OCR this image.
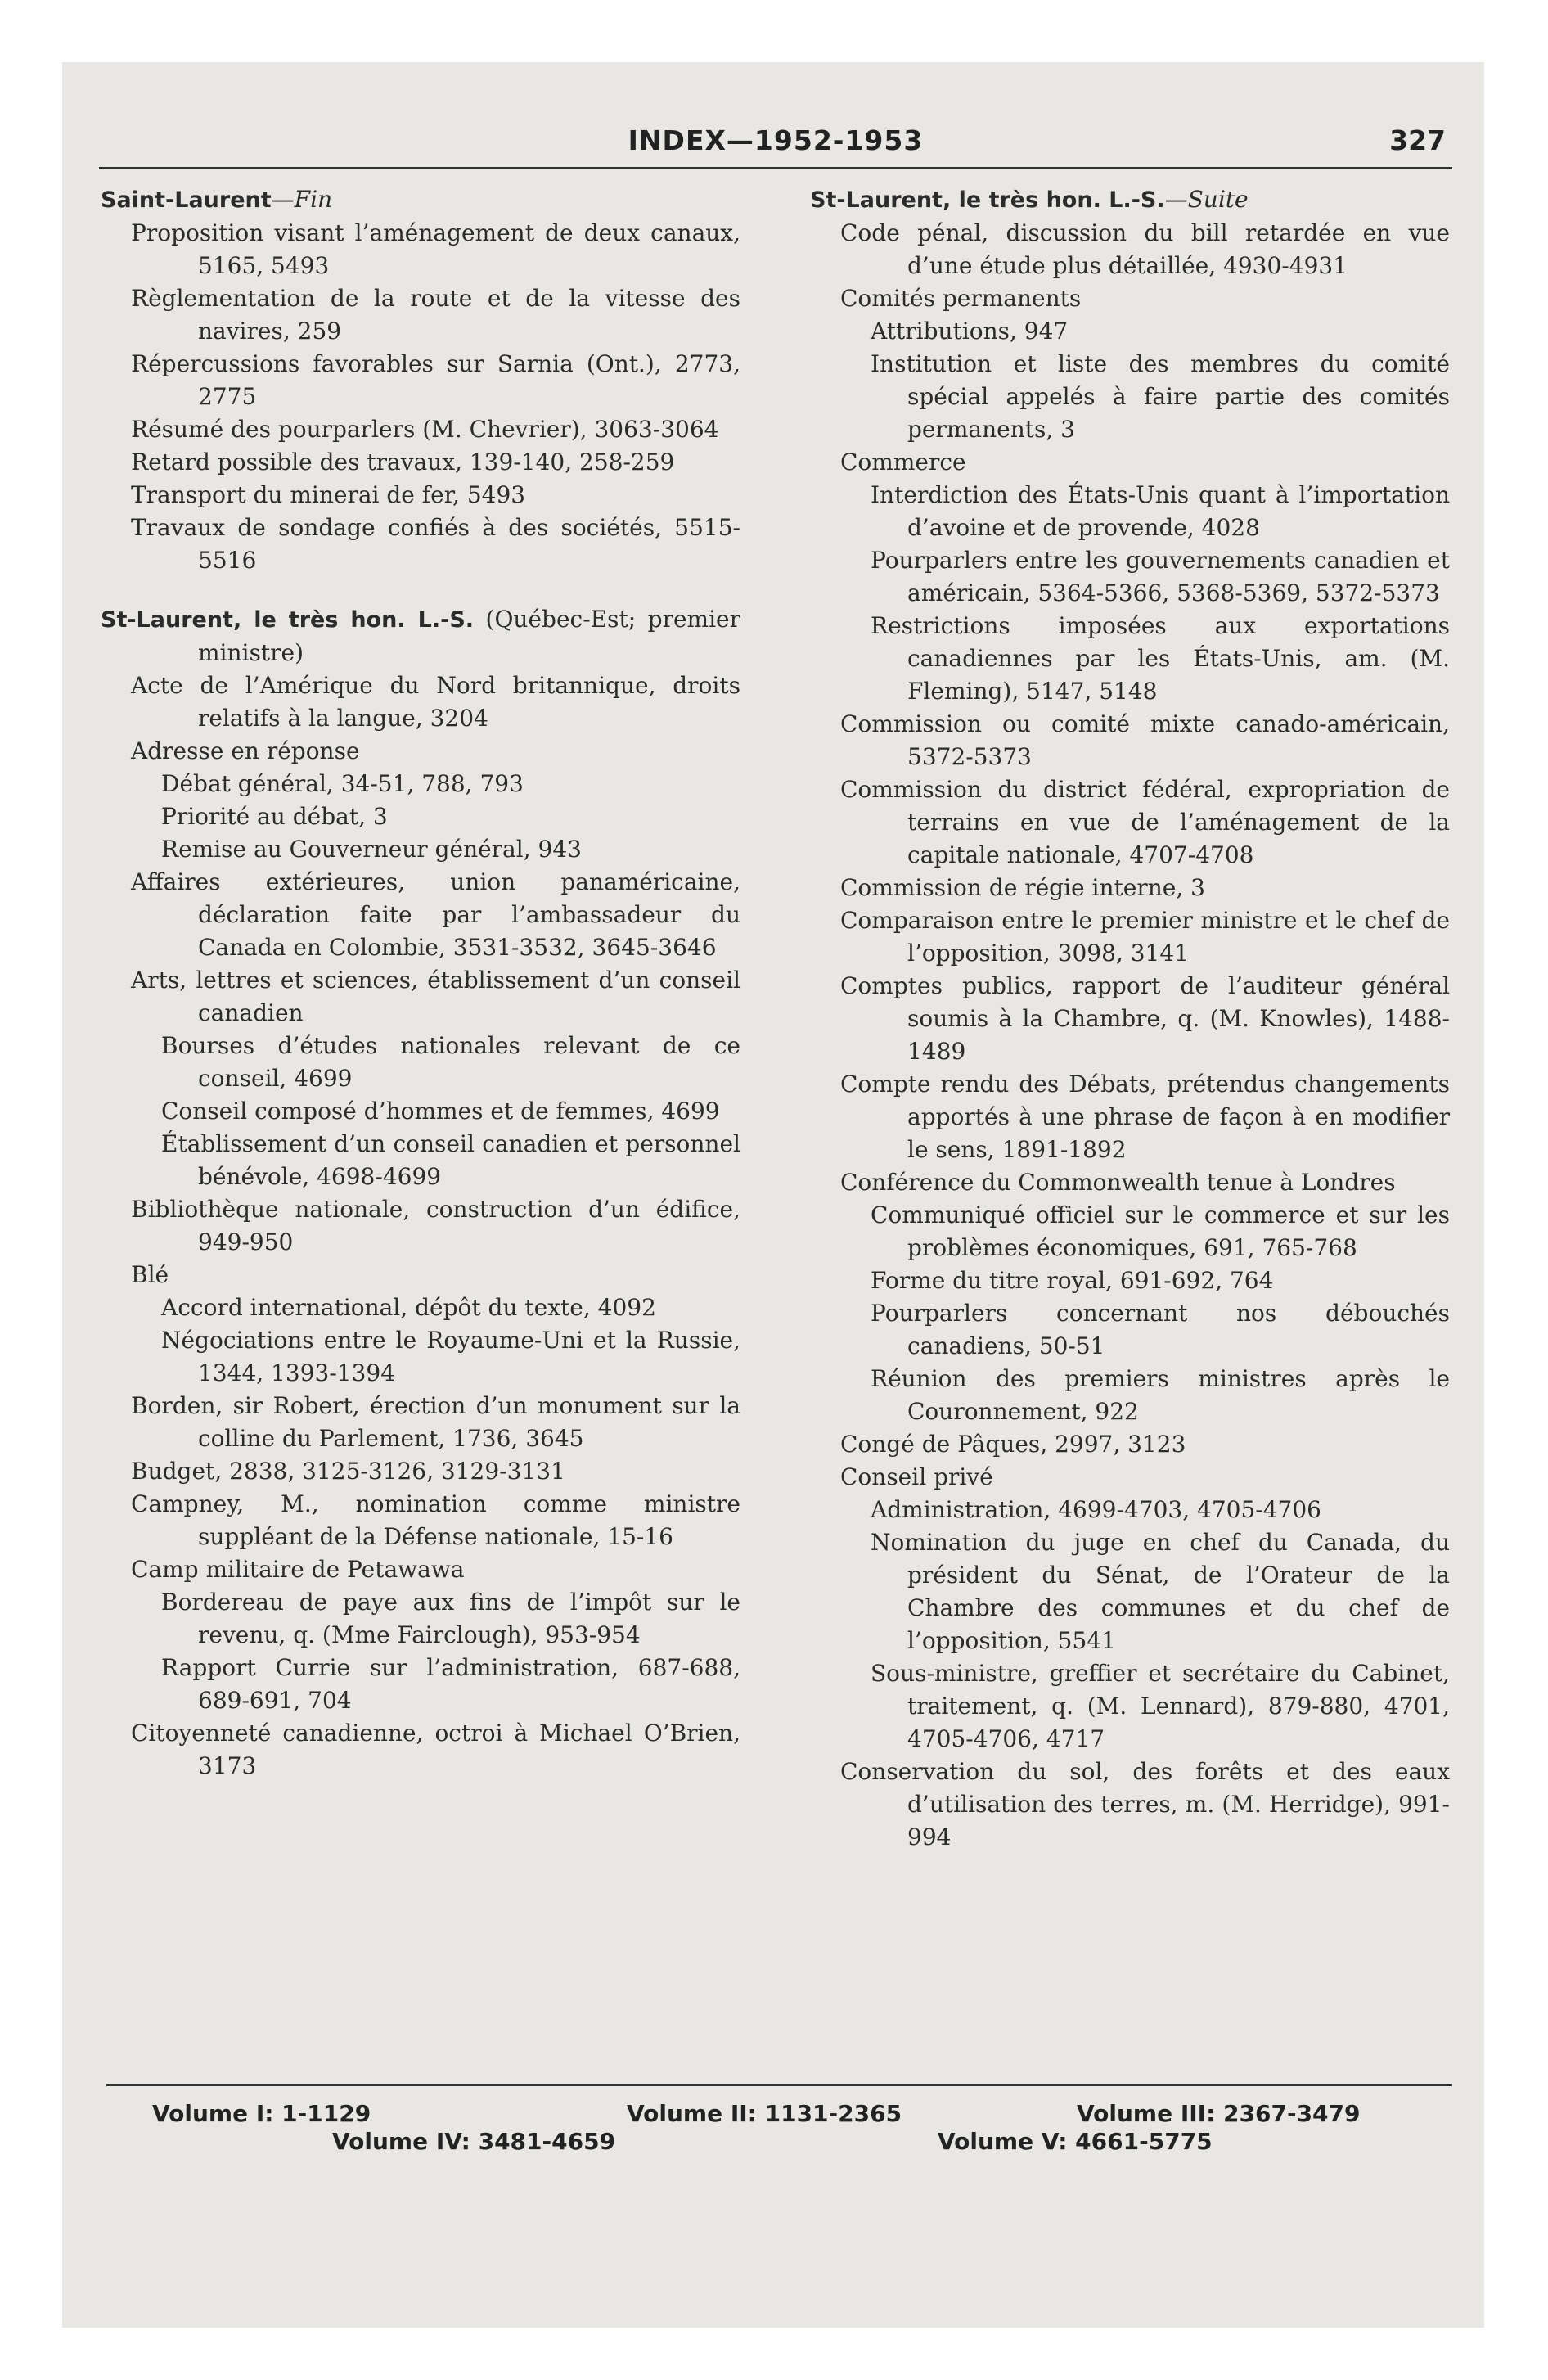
INDEX—1952-1953	327
Saint-Laurent—Fin
Proposition visant l’aménagement de deux canaux, 5165, 5493
Règlementation de la route et de la vitesse des navires, 259
Répercussions favorables sur Sarnia (Ont.), 2773, 2775
Résumé des pourparlers (M. Chevrier), 3063-3064
Retard possible des travaux, 139-140, 258-259
Transport du minerai de fer, 5493
Travaux de sondage confiés à des sociétés, 5515-5516
St-Laurent, le très hon. L.-S. (Québec-Est; premier ministre)
Acte de l’Amérique du Nord britannique, droits relatifs à la langue, 3204
Adresse en réponse
Débat général, 34-51, 788, 793
Priorité au débat, 3
Remise au Gouverneur général, 943
Affaires extérieures, union panaméricaine, déclaration faite par l’ambassadeur du Canada en Colombie, 3531-3532, 3645-3646
Arts, lettres et sciences, établissement d’un conseil canadien
Bourses d’études nationales relevant de ce conseil, 4699
Conseil composé d’hommes et de femmes, 4699
Établissement d’un conseil canadien et personnel bénévole, 4698-4699
Bibliothèque nationale, construction d’un édifice, 949-950
Blé
Accord international, dépôt du texte, 4092
Négociations entre le Royaume-Uni et la Russie, 1344, 1393-1394
Borden, sir Robert, érection d’un monument sur la colline du Parlement, 1736, 3645
Budget, 2838, 3125-3126, 3129-3131
Campney, M., nomination comme ministre suppléant de la Défense nationale, 15-16
Camp militaire de Petawawa
Bordereau de paye aux fins de l’impôt sur le revenu, q. (Mme Fairclough), 953-954
Rapport Currie sur l’administration, 687-688, 689-691, 704
Citoyenneté canadienne, octroi à Michael O’Brien, 3173
St-Laurent, le très hon. L.-S.—Suite
Code pénal, discussion du bill retardée en vue d’une étude plus détaillée, 4930-4931
Comités permanents
Attributions, 947
Institution et liste des membres du comité spécial appelés à faire partie des comités permanents, 3
Commerce
Interdiction des États-Unis quant à l’importation d’avoine et de provende, 4028
Pourparlers entre les gouvernements canadien et américain, 5364-5366, 5368-5369, 5372-5373
Restrictions imposées aux exportations canadiennes par les États-Unis, am. (M. Fleming), 5147, 5148
Commission ou comité mixte canado-américain, 5372-5373
Commission du district fédéral, expropriation de terrains en vue de l’aménagement de la capitale nationale, 4707-4708
Commission de régie interne, 3
Comparaison entre le premier ministre et le chef de l’opposition, 3098, 3141
Comptes publics, rapport de l’auditeur général soumis à la Chambre, q. (M. Knowles), 1488-1489
Compte rendu des Débats, prétendus changements apportés à une phrase de façon à en modifier le sens, 1891-1892
Conférence du Commonwealth tenue à Londres
Communiqué officiel sur le commerce et sur les problèmes économiques, 691, 765-768
Forme du titre royal, 691-692, 764
Pourparlers concernant nos débouchés canadiens, 50-51
Réunion des premiers ministres après le Couronnement, 922
Congé de Pâques, 2997, 3123
Conseil privé
Administration, 4699-4703, 4705-4706
Nomination du juge en chef du Canada, du président du Sénat, de l’Orateur de la Chambre des communes et du chef de l’opposition, 5541
Sous-ministre, greffier et secrétaire du Cabinet, traitement, q. (M. Lennard), 879-880, 4701, 4705-4706, 4717
Conservation du sol, des forêts et des eaux d’utilisation des terres, m. (M. Herridge), 991-994
Volume I: 1-1129	Volume II: 1131-2365	Volume III: 2367-3479
Volume IV: 3481-4659	Volume V: 4661-5775
